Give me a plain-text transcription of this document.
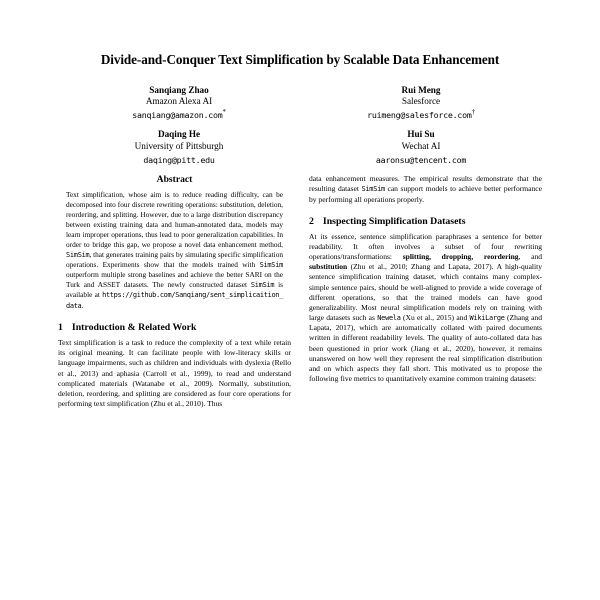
Divide-and-Conquer Text Simplification by Scalable Data Enhancement
Sanqiang Zhao
Amazon Alexa AI
sanqiang@amazon.com*
Rui Meng
Salesforce
ruimeng@salesforce.com†
Daqing He
University of Pittsburgh
daqing@pitt.edu
Hui Su
Wechat AI
aaronsu@tencent.com
Abstract

Text simplification, whose aim is to reduce reading difficulty, can be decomposed into four discrete rewriting operations: substitution, deletion, reordering, and splitting. However, due to a large distribution discrepancy between existing training data and human-annotated data, models may learn improper operations, thus lead to poor generalization capabilities. In order to bridge this gap, we propose a novel data enhancement method, SimSim, that generates training pairs by simulating specific simplification operations. Experiments show that the models trained with SimSim outperform multiple strong baselines and achieve the better SARI on the Turk and ASSET datasets. The newly constructed dataset SimSim is available at https://github.com/Sanqiang/sent_simplicaition_data.

1 Introduction & Related Work

Text simplification is a task to reduce the complexity of a text while retain its original meaning. It can facilitate people with low-literacy skills or language impairments, such as children and individuals with dyslexia (Rello et al., 2013) and aphasia (Carroll et al., 1999), to read and understand complicated materials (Watanabe et al., 2009). Normally, substitution, deletion, reordering, and splitting are considered as four core operations for performing text simplification (Zhu et al., 2010). Thus

data enhancement measures. The empirical results demonstrate that the resulting dataset SimSim can support models to achieve better performance by performing all operations properly.

2 Inspecting Simplification Datasets

At its essence, sentence simplification paraphrases a sentence for better readability. It often involves a subset of four rewriting operations/transformations: splitting, dropping, reordering, and substitution (Zhu et al., 2010; Zhang and Lapata, 2017). A high-quality sentence simplification training dataset, which contains many complex-simple sentence pairs, should be well-aligned to provide a wide coverage of different operations, so that the trained models can have good generalizability. Most neural simplification models rely on training with large datasets such as Newela (Xu et al., 2015) and WikiLarge (Zhang and Lapata, 2017), which are automatically collated with paired documents written in different readability levels. The quality of auto-collated data has been questioned in prior work (Jiang et al., 2020), however, it remains unanswered on how well they represent the real simplification distribution and on which aspects they fall short. This motivated us to propose the following five metrics to quantitatively examine common training datasets:
